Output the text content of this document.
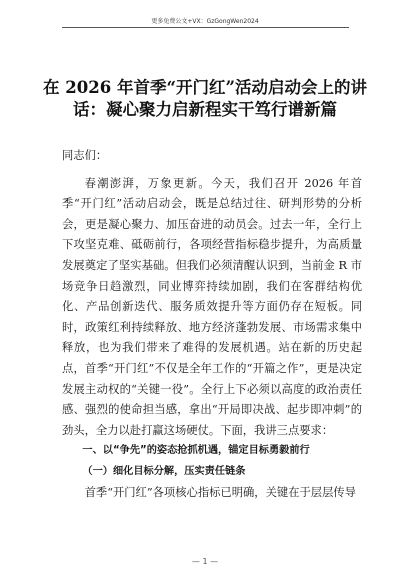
更多免费公文+VX：GzGongWen2024
在 2026 年首季“开门红”活动启动会上的讲话：凝心聚力启新程实干笃行谱新篇

同志们：

春潮澎湃，万象更新。今天，我们召开 2026 年首季“开门红”活动启动会，既是总结过往、研判形势的分析会，更是凝心聚力、加压奋进的动员会。过去一年，全行上下攻坚克难、砥砺前行，各项经营指标稳步提升，为高质量发展奠定了坚实基础。但我们必须清醒认识到，当前金 R 市场竞争日趋激烈，同业博弈持续加剧，我们在客群结构优化、产品创新迭代、服务质效提升等方面仍存在短板。同时，政策红利持续释放、地方经济蓬勃发展、市场需求集中释放，也为我们带来了难得的发展机遇。站在新的历史起点，首季“开门红”不仅是全年工作的“开篇之作”，更是决定发展主动权的“关键一役”。全行上下必须以高度的政治责任感、强烈的使命担当感，拿出“开局即决战、起步即冲刺”的劲头，全力以赴打赢这场硬仗。下面，我讲三点要求：

一、以“争先”的姿态抢抓机遇，锚定目标勇毅前行

（一）细化目标分解，压实责任链条

首季“开门红”各项核心指标已明确，关键在于层层传导

— 1 —
